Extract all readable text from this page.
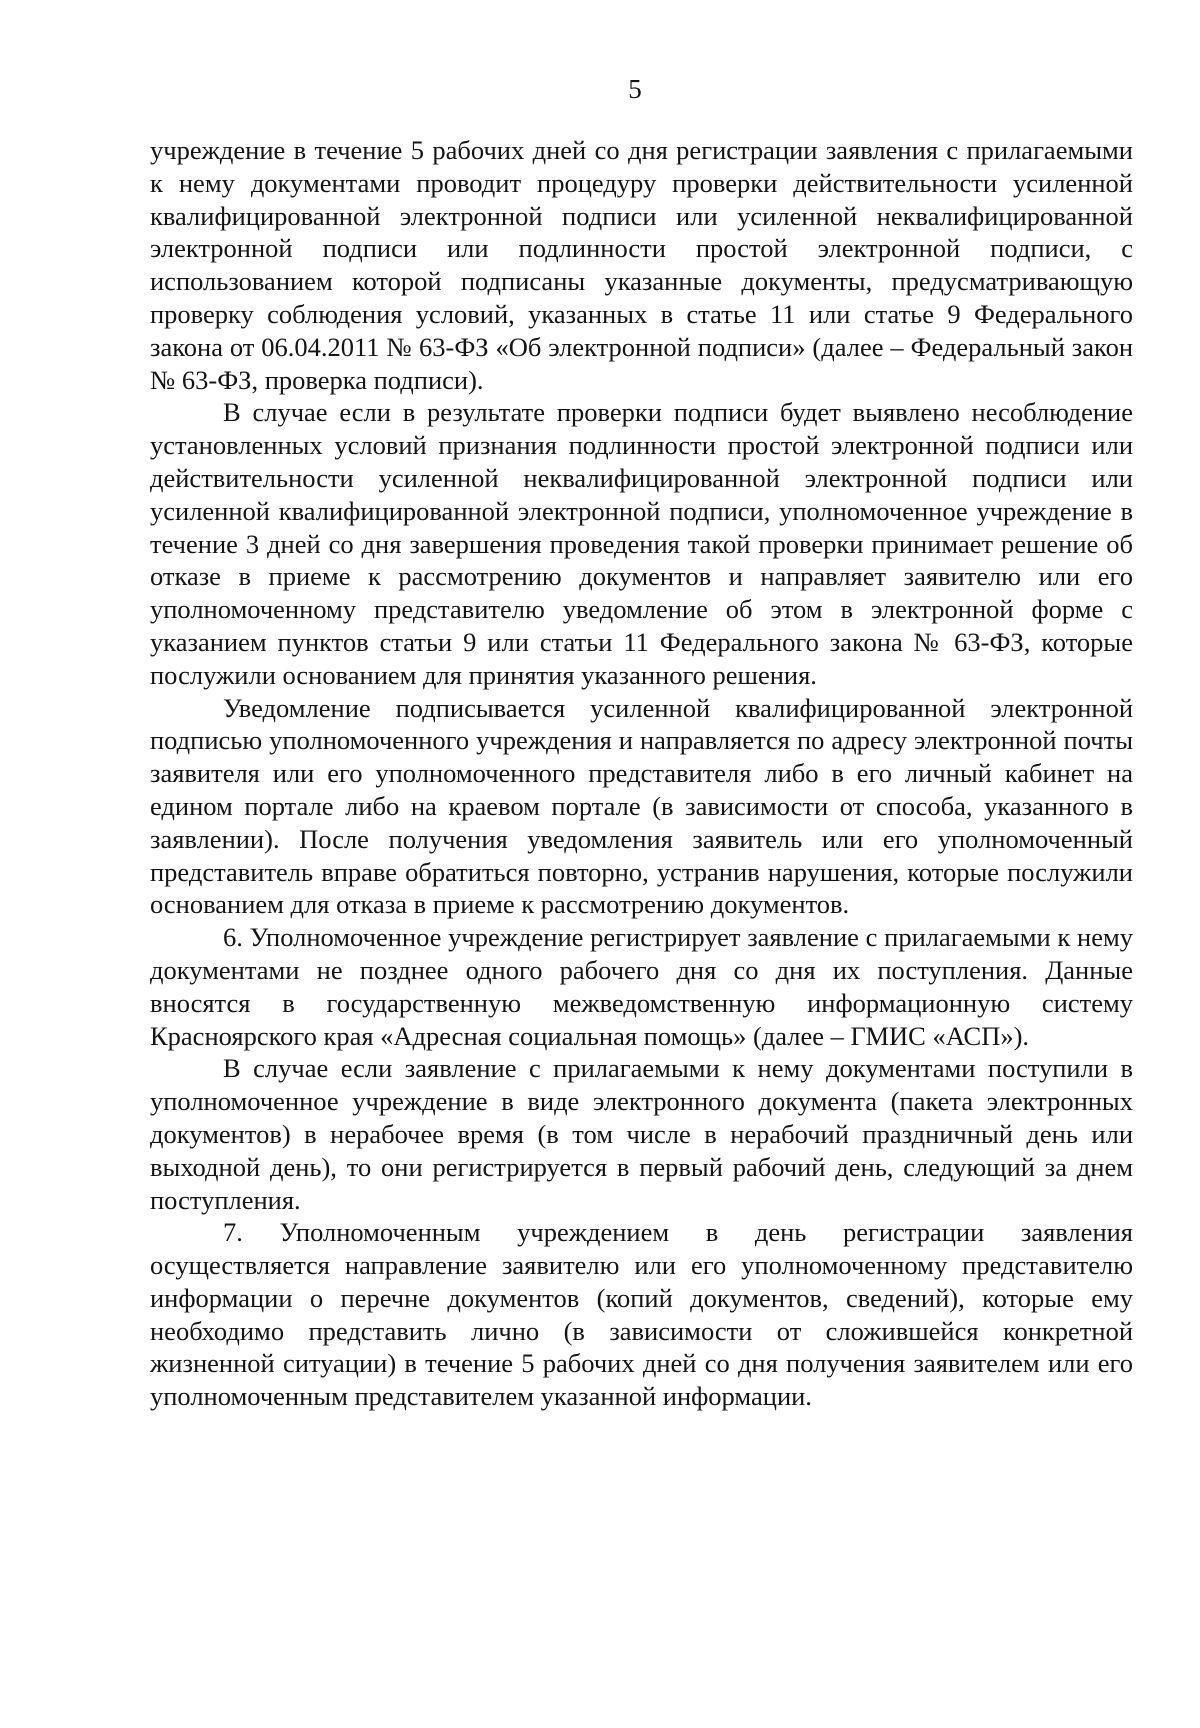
5

учреждение в течение 5 рабочих дней со дня регистрации заявления с прилагаемыми к нему документами проводит процедуру проверки действительности усиленной квалифицированной электронной подписи или усиленной неквалифицированной электронной подписи или подлинности простой электронной подписи, с использованием которой подписаны указанные документы, предусматривающую проверку соблюдения условий, указанных в статье 11 или статье 9 Федерального закона от 06.04.2011 № 63-ФЗ «Об электронной подписи» (далее – Федеральный закон № 63-ФЗ, проверка подписи).

В случае если в результате проверки подписи будет выявлено несоблюдение установленных условий признания подлинности простой электронной подписи или действительности усиленной неквалифицированной электронной подписи или усиленной квалифицированной электронной подписи, уполномоченное учреждение в течение 3 дней со дня завершения проведения такой проверки принимает решение об отказе в приеме к рассмотрению документов и направляет заявителю или его уполномоченному представителю уведомление об этом в электронной форме с указанием пунктов статьи 9 или статьи 11 Федерального закона № 63-ФЗ, которые послужили основанием для принятия указанного решения.

Уведомление подписывается усиленной квалифицированной электронной подписью уполномоченного учреждения и направляется по адресу электронной почты заявителя или его уполномоченного представителя либо в его личный кабинет на едином портале либо на краевом портале (в зависимости от способа, указанного в заявлении). После получения уведомления заявитель или его уполномоченный представитель вправе обратиться повторно, устранив нарушения, которые послужили основанием для отказа в приеме к рассмотрению документов.

6. Уполномоченное учреждение регистрирует заявление с прилагаемыми к нему документами не позднее одного рабочего дня со дня их поступления. Данные вносятся в государственную межведомственную информационную систему Красноярского края «Адресная социальная помощь» (далее – ГМИС «АСП»).

В случае если заявление с прилагаемыми к нему документами поступили в уполномоченное учреждение в виде электронного документа (пакета электронных документов) в нерабочее время (в том числе в нерабочий праздничный день или выходной день), то они регистрируется в первый рабочий день, следующий за днем поступления.

7. Уполномоченным учреждением в день регистрации заявления осуществляется направление заявителю или его уполномоченному представителю информации о перечне документов (копий документов, сведений), которые ему необходимо представить лично (в зависимости от сложившейся конкретной жизненной ситуации) в течение 5 рабочих дней со дня получения заявителем или его уполномоченным представителем указанной информации.
